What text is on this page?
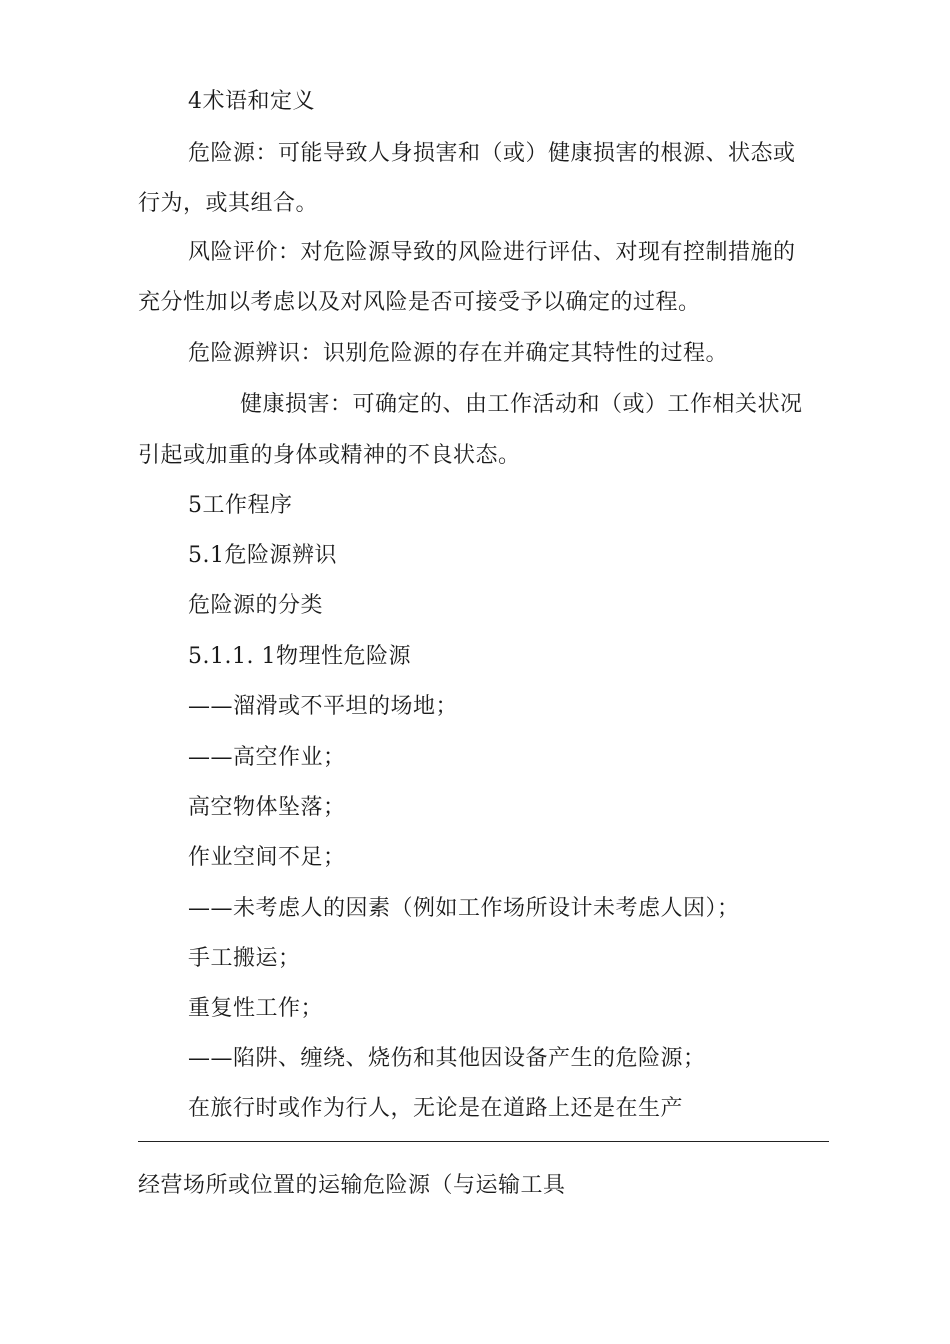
4术语和定义
危险源：可能导致人身损害和（或）健康损害的根源、状态或
行为，或其组合。
风险评价：对危险源导致的风险进行评估、对现有控制措施的
充分性加以考虑以及对风险是否可接受予以确定的过程。
危险源辨识：识别危险源的存在并确定其特性的过程。
健康损害：可确定的、由工作活动和（或）工作相关状况
引起或加重的身体或精神的不良状态。
5工作程序
5.1危险源辨识
危险源的分类
5.1.1. 1物理性危险源
——溜滑或不平坦的场地；
——高空作业；
高空物体坠落；
作业空间不足；
——未考虑人的因素（例如工作场所设计未考虑人因）；
手工搬运；
重复性工作；
——陷阱、缠绕、烧伤和其他因设备产生的危险源；
在旅行时或作为行人，无论是在道路上还是在生产
经营场所或位置的运输危险源（与运输工具
